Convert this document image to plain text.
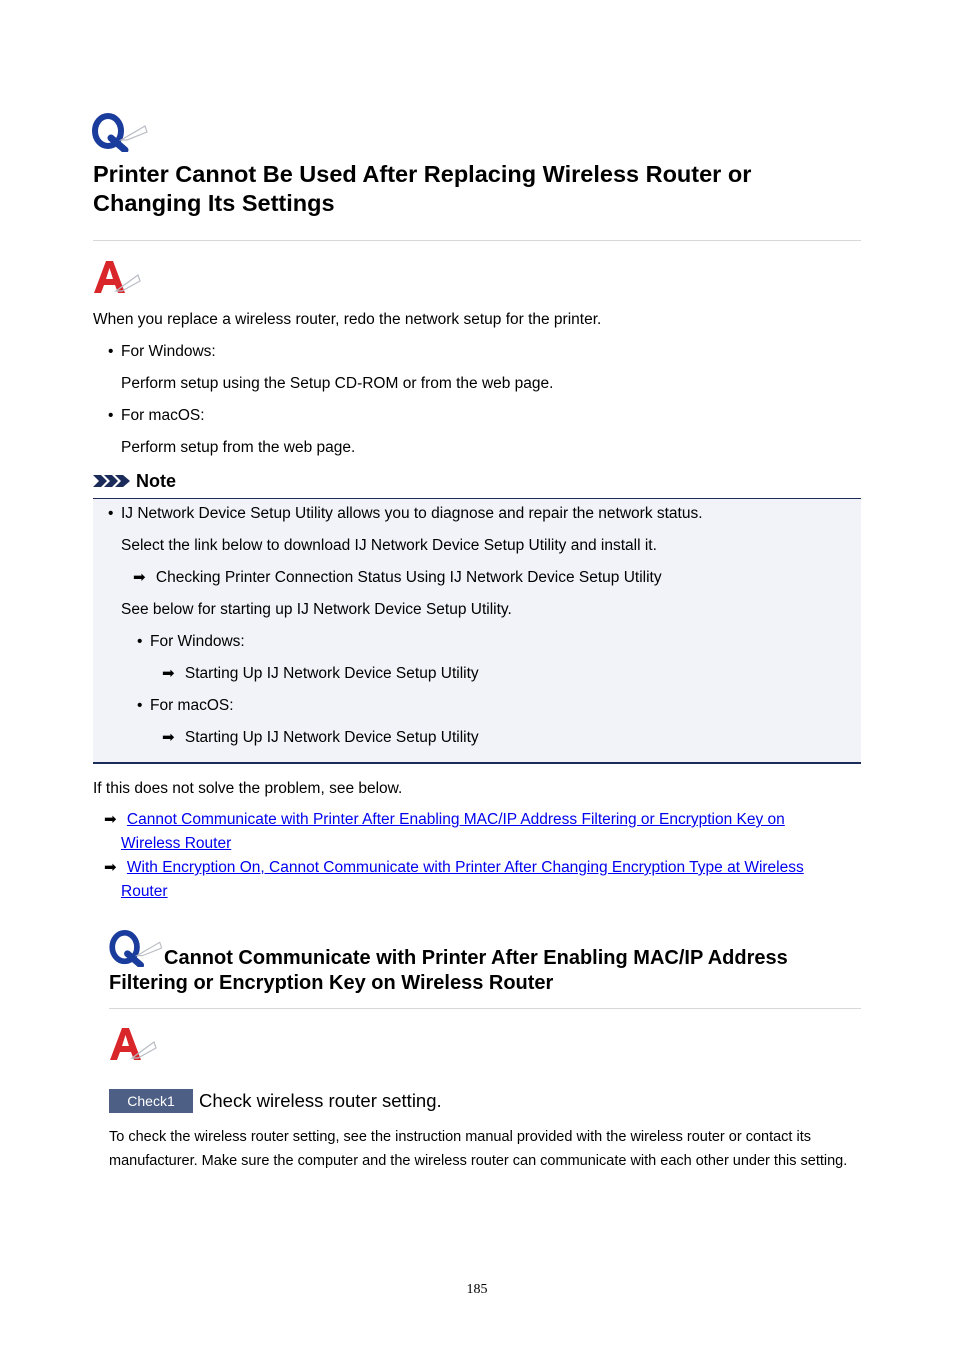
Printer Cannot Be Used After Replacing Wireless Router or Changing Its Settings
When you replace a wireless router, redo the network setup for the printer.
• For Windows:
Perform setup using the Setup CD-ROM or from the web page.
• For macOS:
Perform setup from the web page.
Note
• IJ Network Device Setup Utility allows you to diagnose and repair the network status.
Select the link below to download IJ Network Device Setup Utility and install it.
➡ Checking Printer Connection Status Using IJ Network Device Setup Utility
See below for starting up IJ Network Device Setup Utility.
• For Windows:
➡ Starting Up IJ Network Device Setup Utility
• For macOS:
➡ Starting Up IJ Network Device Setup Utility
If this does not solve the problem, see below.
➡ Cannot Communicate with Printer After Enabling MAC/IP Address Filtering or Encryption Key on
Wireless Router
➡ With Encryption On, Cannot Communicate with Printer After Changing Encryption Type at Wireless
Router
Cannot Communicate with Printer After Enabling MAC/IP Address Filtering or Encryption Key on Wireless Router
Check1	Check wireless router setting.
To check the wireless router setting, see the instruction manual provided with the wireless router or contact its manufacturer. Make sure the computer and the wireless router can communicate with each other under this setting.
185
